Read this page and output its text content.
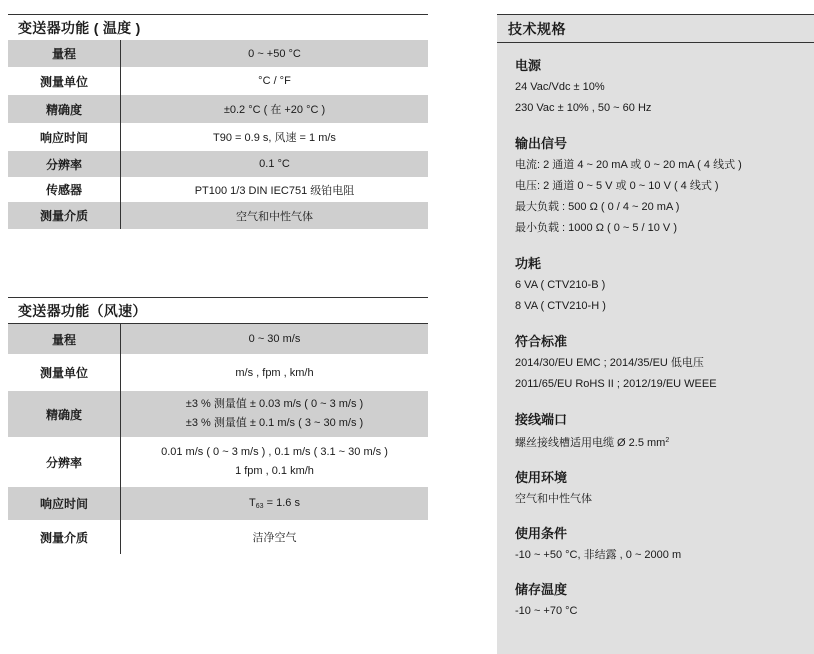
变送器功能 ( 温度 )
量程	0 ~ +50 °C
测量单位	°C / °F
精确度	±0.2 °C ( 在 +20 °C )
响应时间	T90 = 0.9 s, 风速 = 1 m/s
分辨率	0.1 °C
传感器	PT100 1/3 DIN IEC751 级铂电阻
测量介质	空气和中性气体
变送器功能（风速）
量程	0 ~ 30 m/s
测量单位	m/s , fpm , km/h
精确度	±3 % 测量值 ± 0.03 m/s ( 0 ~ 3 m/s )
±3 % 测量值 ± 0.1 m/s ( 3 ~ 30 m/s )

分辨率	0.01 m/s ( 0 ~ 3 m/s ) , 0.1 m/s ( 3.1 ~ 30 m/s )
1 fpm , 0.1 km/h

响应时间	$T_{63} = 1.6$ s
测量介质	洁净空气
技术规格
电源
24 Vac/Vdc ± 10%
230 Vac ± 10% , 50 ~ 60 Hz
输出信号
电流: 2 通道 4 ~ 20 mA 或 0 ~ 20 mA ( 4 线式 )
电压: 2 通道 0 ~ 5 V 或 0 ~ 10 V ( 4 线式 )
最大负载 : 500 Ω ( 0 / 4 ~ 20 mA )
最小负载 : 1000 Ω ( 0 ~ 5 / 10 V )
功耗
6 VA ( CTV210-B )
8 VA ( CTV210-H )
符合标准
2014/30/EU EMC ; 2014/35/EU 低电压
2011/65/EU RoHS II ; 2012/19/EU WEEE
接线端口
螺丝接线槽适用电缆 Ø 2.5 $mm^2$
使用环境
空气和中性气体
使用条件
-10 ~ +50 °C, 非结露 , 0 ~ 2000 m
储存温度
-10 ~ +70 °C
